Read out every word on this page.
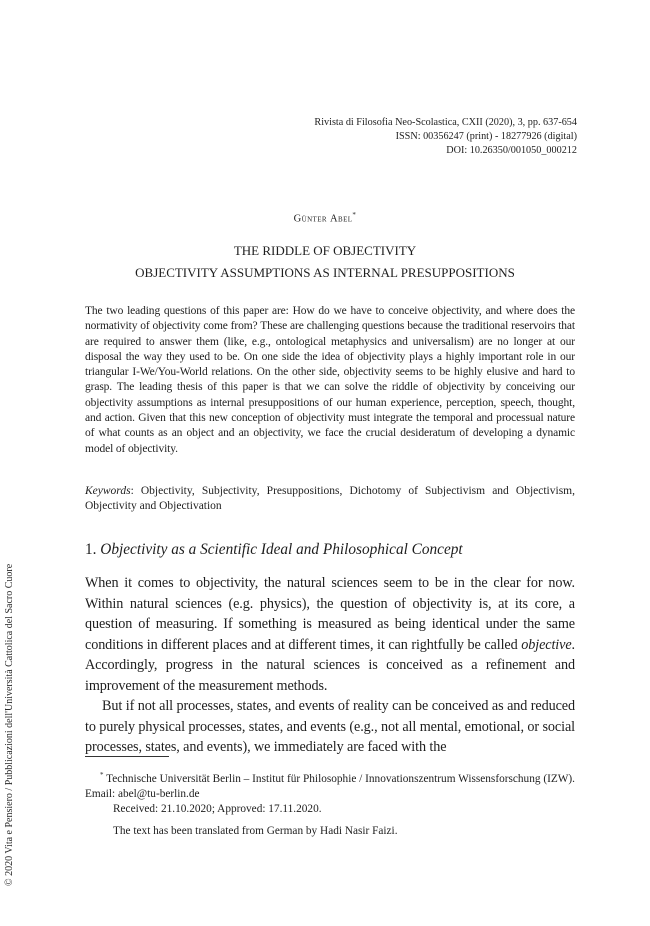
© 2020 Vita e Pensiero / Pubblicazioni dell'Università Cattolica del Sacro Cuore
Rivista di Filosofia Neo-Scolastica, CXII (2020), 3, pp. 637-654
ISSN: 00356247 (print) - 18277926 (digital)
DOI: 10.26350/001050_000212
Günter Abel*
THE RIDDLE OF OBJECTIVITY
OBJECTIVITY ASSUMPTIONS AS INTERNAL PRESUPPOSITIONS
The two leading questions of this paper are: How do we have to conceive objectivity, and where does the normativity of objectivity come from? These are challenging questions because the traditional reservoirs that are required to answer them (like, e.g., ontological metaphysics and universalism) are no longer at our disposal the way they used to be. On one side the idea of objectivity plays a highly important role in our triangular I-We/You-World relations. On the other side, objectivity seems to be highly elusive and hard to grasp. The leading thesis of this paper is that we can solve the riddle of objectivity by conceiving our objectivity assumptions as internal presuppositions of our human experience, perception, speech, thought, and action. Given that this new conception of objectivity must integrate the temporal and processual nature of what counts as an object and an objectivity, we face the crucial desideratum of developing a dynamic model of objectivity.
Keywords: Objectivity, Subjectivity, Presuppositions, Dichotomy of Subjectivism and Objectivism, Objectivity and Objectivation
1. Objectivity as a Scientific Ideal and Philosophical Concept

When it comes to objectivity, the natural sciences seem to be in the clear for now. Within natural sciences (e.g. physics), the question of objectivity is, at its core, a question of measuring. If something is measured as being identical under the same conditions in different places and at different times, it can rightfully be called objective. Accordingly, progress in the natural sciences is conceived as a refinement and improvement of the measurement methods.

But if not all processes, states, and events of reality can be conceived as and reduced to purely physical processes, states, and events (e.g., not all mental, emotional, or social processes, states, and events), we immediately are faced with the

* Technische Universität Berlin – Institut für Philosophie / Innovationszentrum Wissensforschung (IZW). Email: abel@tu-berlin.de

Received: 21.10.2020; Approved: 17.11.2020.

The text has been translated from German by Hadi Nasir Faizi.
